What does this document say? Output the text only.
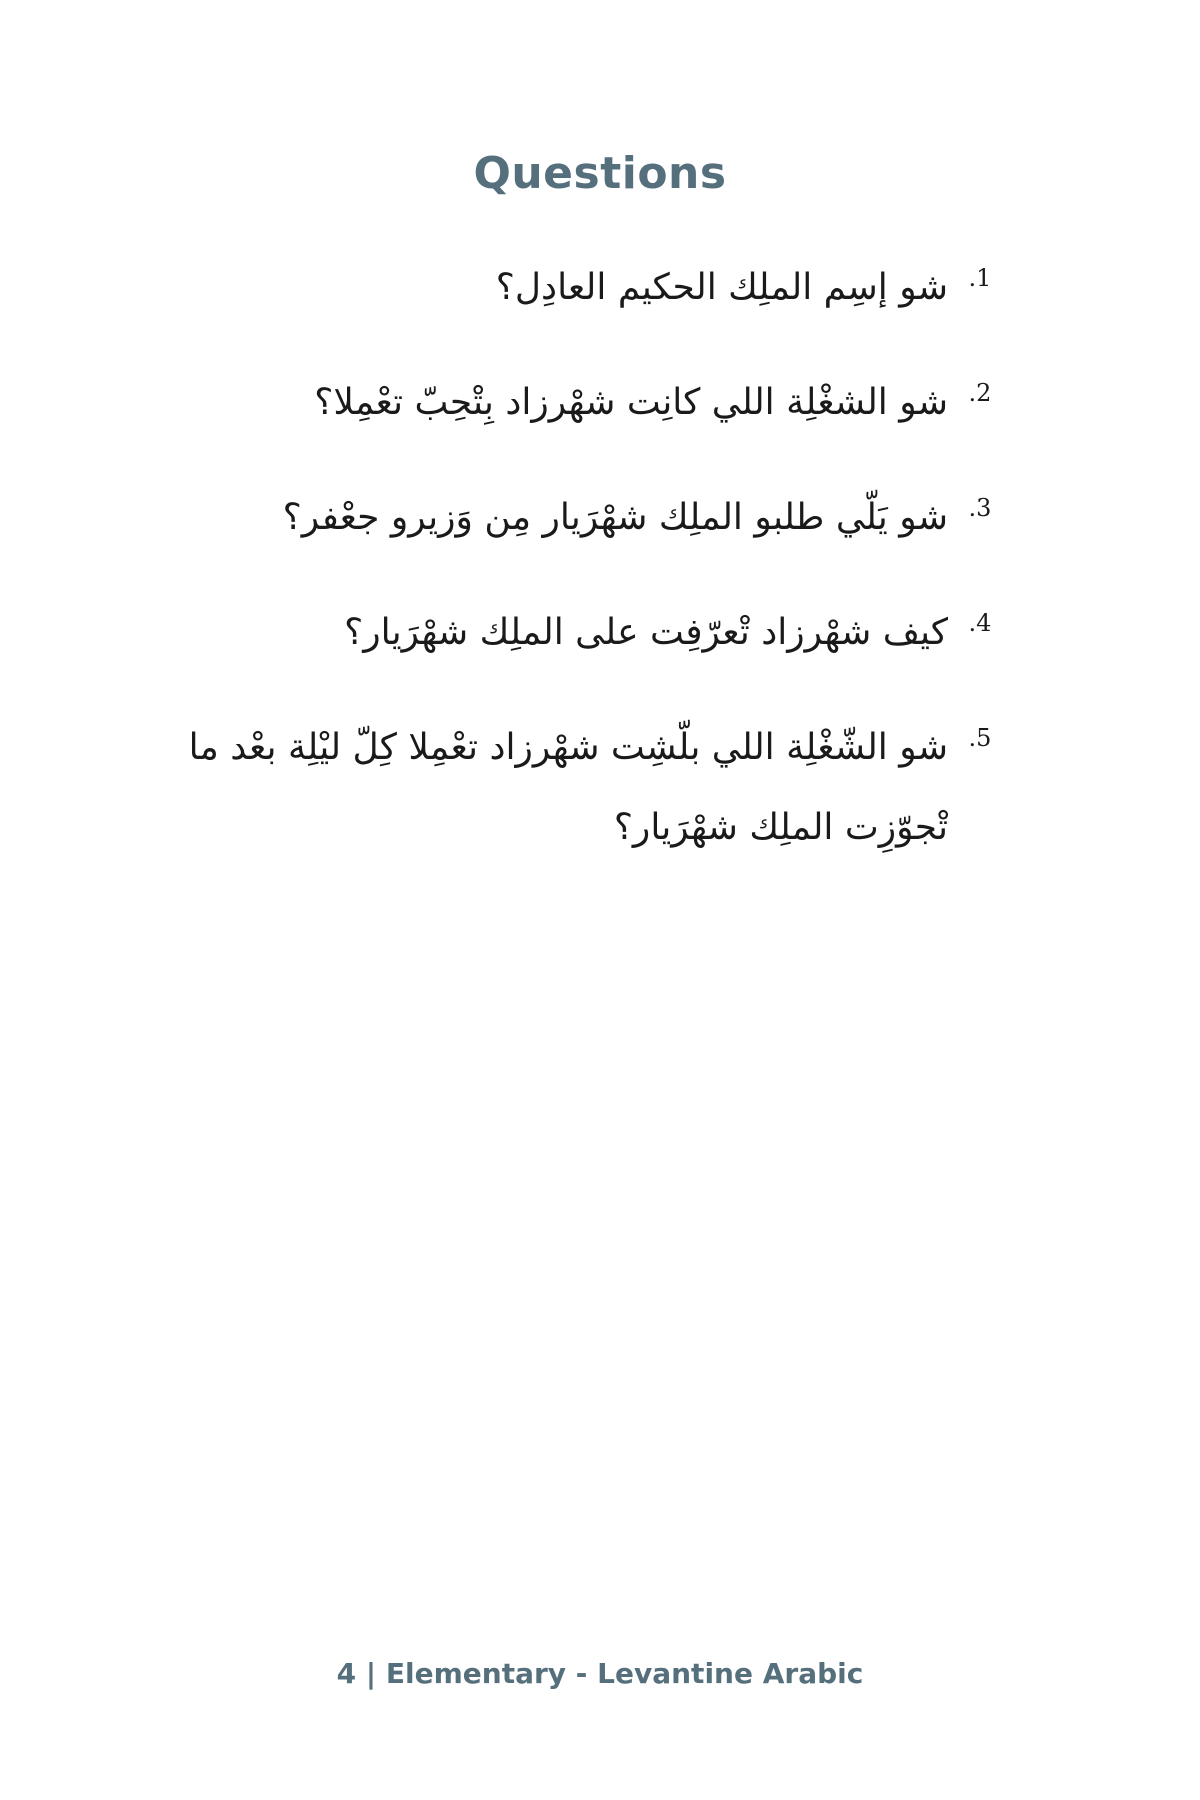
Questions
1.
شو إسِم الملِك الحكيم العادِل؟
2.
شو الشغْلِة اللي كانِت شهْرزاد بِتْحِبّ تعْمِلا؟
3.
شو يَلّي طلبو الملِك شهْرَيار مِن وَزيرو جعْفر؟
4.
كيف شهْرزاد تْعرّفِت على الملِك شهْرَيار؟
5.
شو الشّغْلِة اللي بلّشِت شهْرزاد تعْمِلا كِلّ ليْلِة بعْد ما تْجوّزِت الملِك شهْرَيار؟
4 | Elementary - Levantine Arabic
